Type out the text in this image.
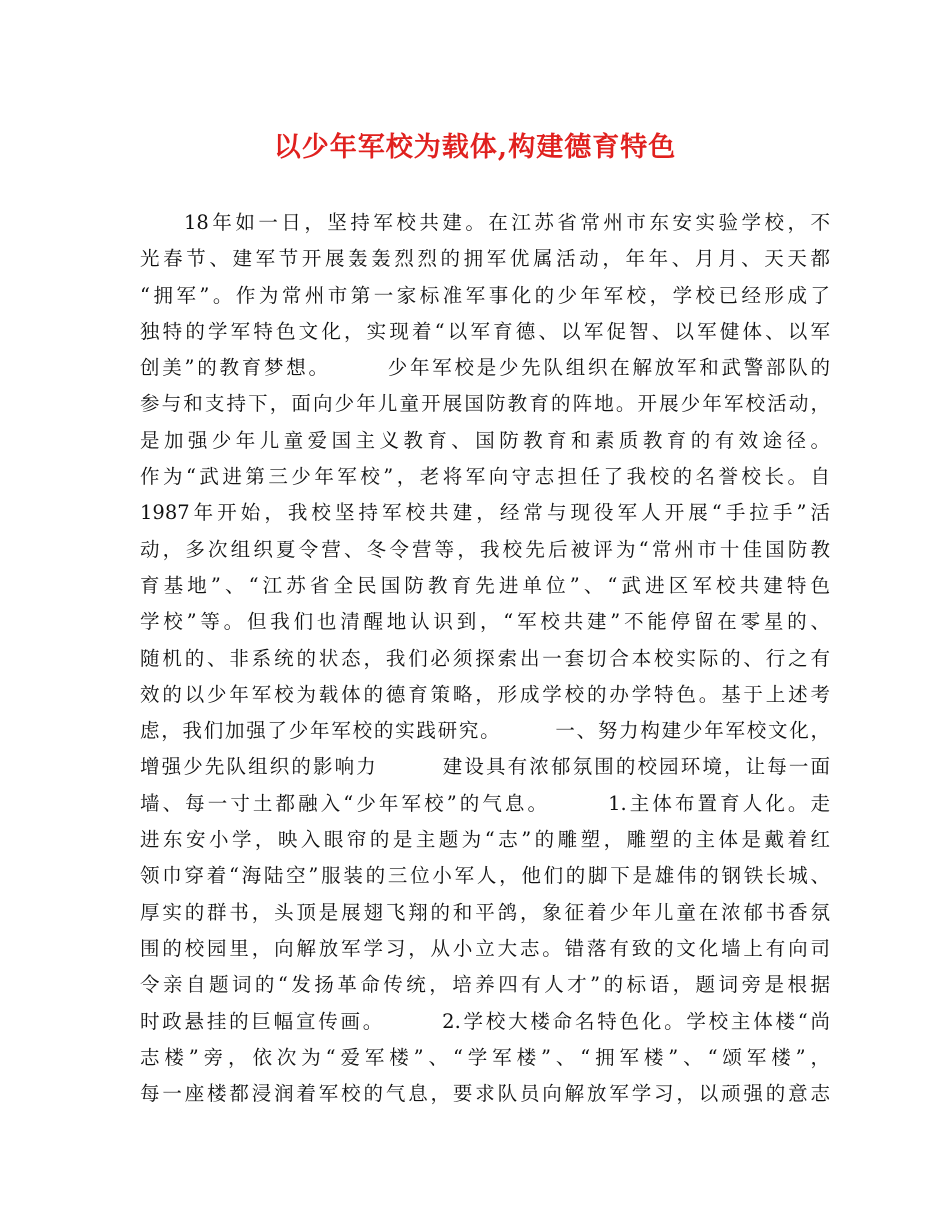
以少年军校为载体,构建德育特色
18年如一日，坚持军校共建。在江苏省常州市东安实验学校，不
光春节、建军节开展轰轰烈烈的拥军优属活动，年年、月月、天天都
“拥军”。作为常州市第一家标准军事化的少年军校，学校已经形成了
独特的学军特色文化，实现着“以军育德、以军促智、以军健体、以军
创美”的教育梦想。　　　少年军校是少先队组织在解放军和武警部队的
参与和支持下，面向少年儿童开展国防教育的阵地。开展少年军校活动，
是加强少年儿童爱国主义教育、国防教育和素质教育的有效途径。
作为“武进第三少年军校”，老将军向守志担任了我校的名誉校长。自
1987年开始，我校坚持军校共建，经常与现役军人开展“手拉手”活
动，多次组织夏令营、冬令营等，我校先后被评为“常州市十佳国防教
育基地”、“江苏省全民国防教育先进单位”、“武进区军校共建特色
学校”等。但我们也清醒地认识到，“军校共建”不能停留在零星的、
随机的、非系统的状态，我们必须探索出一套切合本校实际的、行之有
效的以少年军校为载体的德育策略，形成学校的办学特色。基于上述考
虑，我们加强了少年军校的实践研究。　　　一、努力构建少年军校文化，
增强少先队组织的影响力　　　建设具有浓郁氛围的校园环境，让每一面
墙、每一寸土都融入“少年军校”的气息。　　　1.主体布置育人化。走
进东安小学，映入眼帘的是主题为“志”的雕塑，雕塑的主体是戴着红
领巾穿着“海陆空”服装的三位小军人，他们的脚下是雄伟的钢铁长城、
厚实的群书，头顶是展翅飞翔的和平鸽，象征着少年儿童在浓郁书香氛
围的校园里，向解放军学习，从小立大志。错落有致的文化墙上有向司
令亲自题词的“发扬革命传统，培养四有人才”的标语，题词旁是根据
时政悬挂的巨幅宣传画。　　　2.学校大楼命名特色化。学校主体楼“尚
志楼”旁，依次为“爱军楼”、“学军楼”、“拥军楼”、“颂军楼”，
每一座楼都浸润着军校的气息，要求队员向解放军学习，以顽强的意志
